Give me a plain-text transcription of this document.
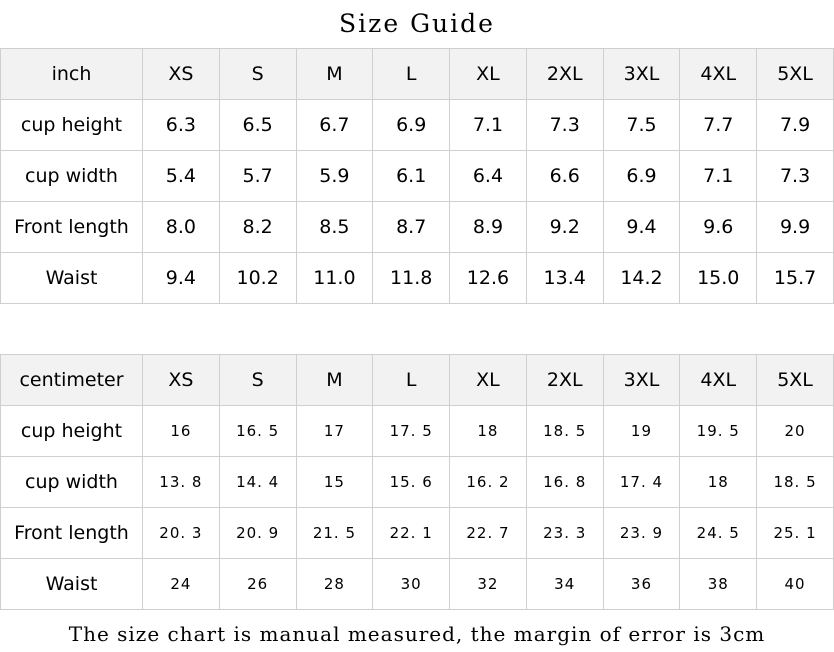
Size Guide
inch	XS	S	M	L	XL	2XL	3XL	4XL	5XL
cup height	6.3	6.5	6.7	6.9	7.1	7.3	7.5	7.7	7.9
cup width	5.4	5.7	5.9	6.1	6.4	6.6	6.9	7.1	7.3
Front length	8.0	8.2	8.5	8.7	8.9	9.2	9.4	9.6	9.9
Waist	9.4	10.2	11.0	11.8	12.6	13.4	14.2	15.0	15.7
centimeter	XS	S	M	L	XL	2XL	3XL	4XL	5XL
cup height	16	16. 5	17	17. 5	18	18. 5	19	19. 5	20
cup width	13. 8	14. 4	15	15. 6	16. 2	16. 8	17. 4	18	18. 5
Front length	20. 3	20. 9	21. 5	22. 1	22. 7	23. 3	23. 9	24. 5	25. 1
Waist	24	26	28	30	32	34	36	38	40
The size chart is manual measured, the margin of error is 3cm
